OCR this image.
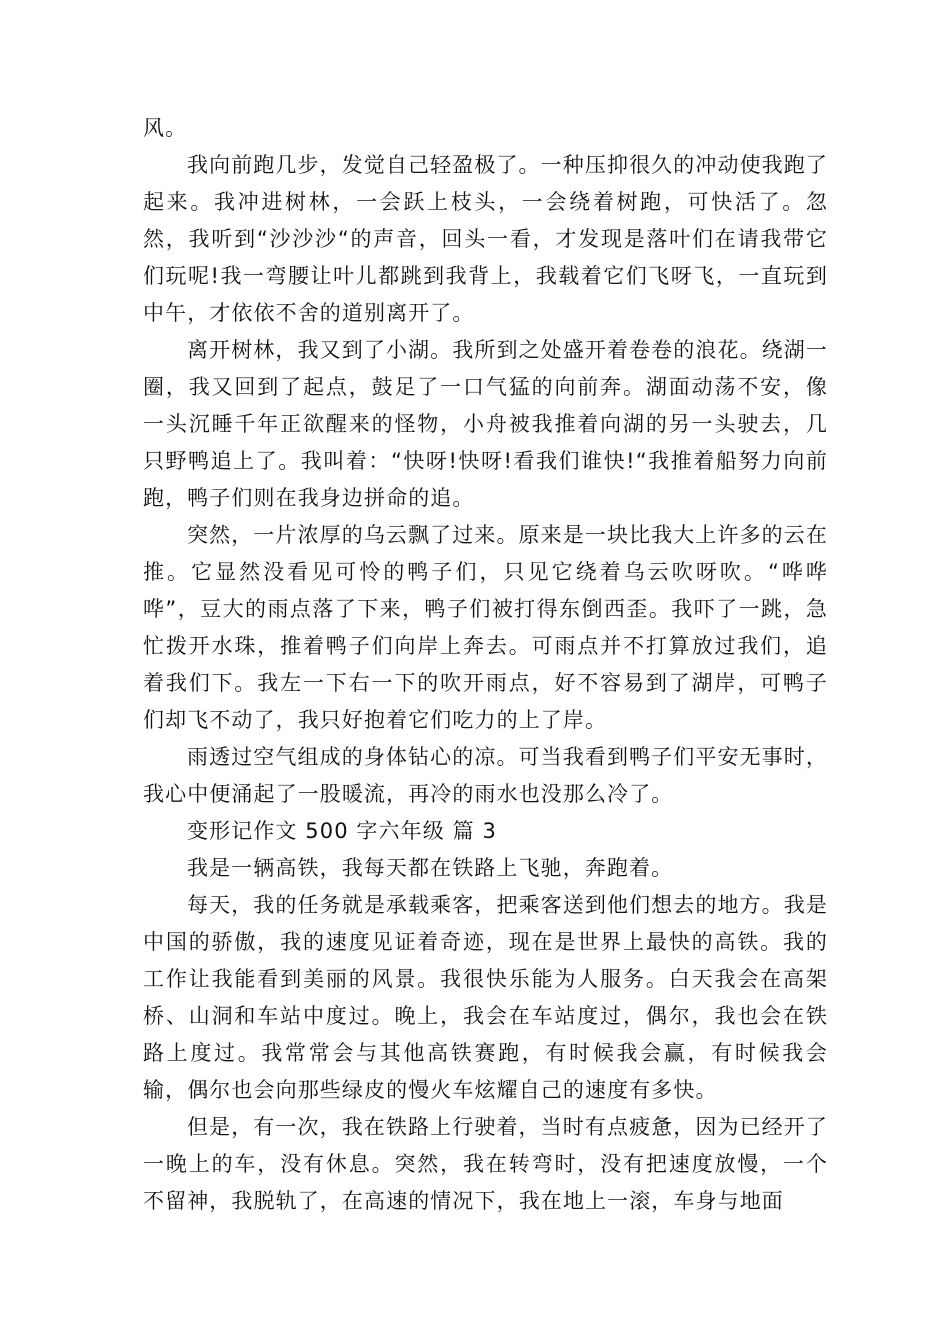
风。

我向前跑几步，发觉自己轻盈极了。一种压抑很久的冲动使我跑了起来。我冲进树林，一会跃上枝头，一会绕着树跑，可快活了。忽然，我听到“沙沙沙“的声音，回头一看，才发现是落叶们在请我带它们玩呢!我一弯腰让叶儿都跳到我背上，我载着它们飞呀飞，一直玩到中午，才依依不舍的道别离开了。

离开树林，我又到了小湖。我所到之处盛开着卷卷的浪花。绕湖一圈，我又回到了起点，鼓足了一口气猛的向前奔。湖面动荡不安，像一头沉睡千年正欲醒来的怪物，小舟被我推着向湖的另一头驶去，几只野鸭追上了。我叫着：“快呀!快呀!看我们谁快!“我推着船努力向前跑，鸭子们则在我身边拼命的追。

突然，一片浓厚的乌云飘了过来。原来是一块比我大上许多的云在推。它显然没看见可怜的鸭子们，只见它绕着乌云吹呀吹。“哗哗哗”，豆大的雨点落了下来，鸭子们被打得东倒西歪。我吓了一跳，急忙拨开水珠，推着鸭子们向岸上奔去。可雨点并不打算放过我们，追着我们下。我左一下右一下的吹开雨点，好不容易到了湖岸，可鸭子们却飞不动了，我只好抱着它们吃力的上了岸。

雨透过空气组成的身体钻心的凉。可当我看到鸭子们平安无事时，我心中便涌起了一股暖流，再冷的雨水也没那么冷了。

变形记作文 500 字六年级 篇 3

我是一辆高铁，我每天都在铁路上飞驰，奔跑着。

每天，我的任务就是承载乘客，把乘客送到他们想去的地方。我是中国的骄傲，我的速度见证着奇迹，现在是世界上最快的高铁。我的工作让我能看到美丽的风景。我很快乐能为人服务。白天我会在高架桥、山洞和车站中度过。晚上，我会在车站度过，偶尔，我也会在铁路上度过。我常常会与其他高铁赛跑，有时候我会赢，有时候我会输，偶尔也会向那些绿皮的慢火车炫耀自己的速度有多快。

但是，有一次，我在铁路上行驶着，当时有点疲惫，因为已经开了一晚上的车，没有休息。突然，我在转弯时，没有把速度放慢，一个不留神，我脱轨了，在高速的情况下，我在地上一滚，车身与地面
